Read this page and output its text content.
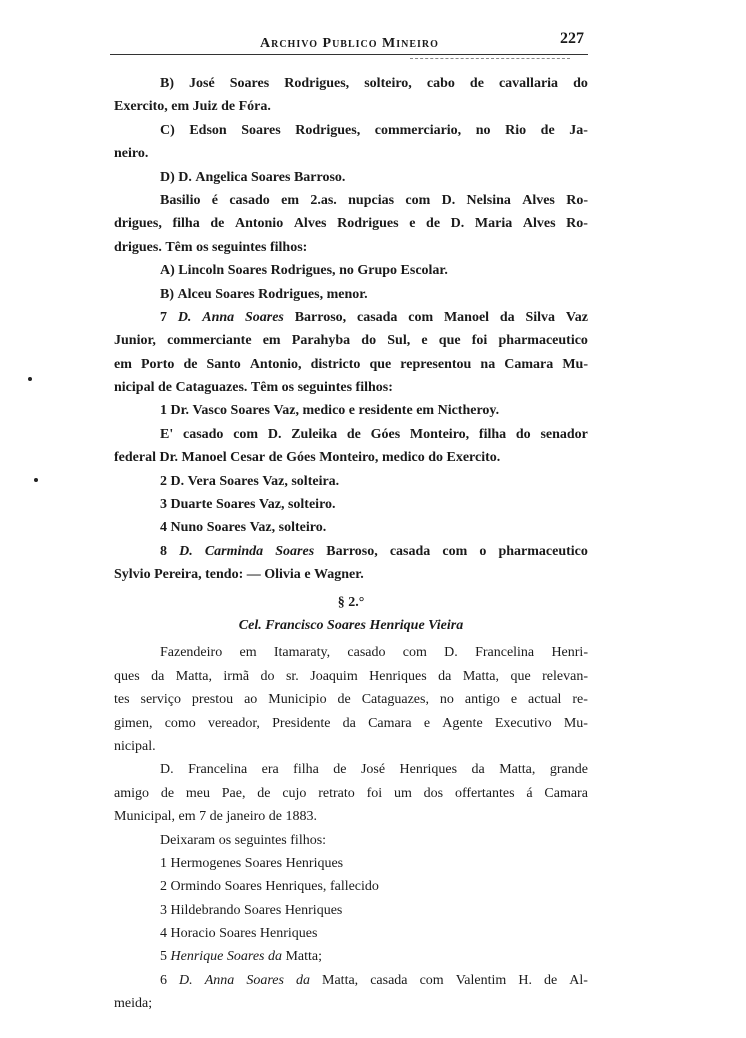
Archivo Publico Mineiro	227
B) José Soares Rodrigues, solteiro, cabo de cavallaria do
Exercito, em Juiz de Fóra.
C) Edson Soares Rodrigues, commerciario, no Rio de Ja-
neiro.
D) D. Angelica Soares Barroso.
Basilio é casado em 2.as. nupcias com D. Nelsina Alves Ro-
drigues, filha de Antonio Alves Rodrigues e de D. Maria Alves Ro-
drigues. Têm os seguintes filhos:
A) Lincoln Soares Rodrigues, no Grupo Escolar.
B) Alceu Soares Rodrigues, menor.
7 D. Anna Soares Barroso, casada com Manoel da Silva Vaz
Junior, commerciante em Parahyba do Sul, e que foi pharmaceutico
em Porto de Santo Antonio, districto que representou na Camara Mu-
nicipal de Cataguazes. Têm os seguintes filhos:
1 Dr. Vasco Soares Vaz, medico e residente em Nictheroy.
E' casado com D. Zuleika de Góes Monteiro, filha do senador
federal Dr. Manoel Cesar de Góes Monteiro, medico do Exercito.
2 D. Vera Soares Vaz, solteira.
3 Duarte Soares Vaz, solteiro.
4 Nuno Soares Vaz, solteiro.
8 D. Carminda Soares Barroso, casada com o pharmaceutico
Sylvio Pereira, tendo: — Olivia e Wagner.
§ 2.°
Cel. Francisco Soares Henrique Vieira
Fazendeiro em Itamaraty, casado com D. Francelina Henri-
ques da Matta, irmã do sr. Joaquim Henriques da Matta, que relevan-
tes serviço prestou ao Municipio de Cataguazes, no antigo e actual re-
gimen, como vereador, Presidente da Camara e Agente Executivo Mu-
nicipal.
D. Francelina era filha de José Henriques da Matta, grande
amigo de meu Pae, de cujo retrato foi um dos offertantes á Camara
Municipal, em 7 de janeiro de 1883.
Deixaram os seguintes filhos:
1 Hermogenes Soares Henriques
2 Ormindo Soares Henriques, fallecido
3 Hildebrando Soares Henriques
4 Horacio Soares Henriques
5 Henrique Soares da Matta;
6 D. Anna Soares da Matta, casada com Valentim H. de Al-
meida;
